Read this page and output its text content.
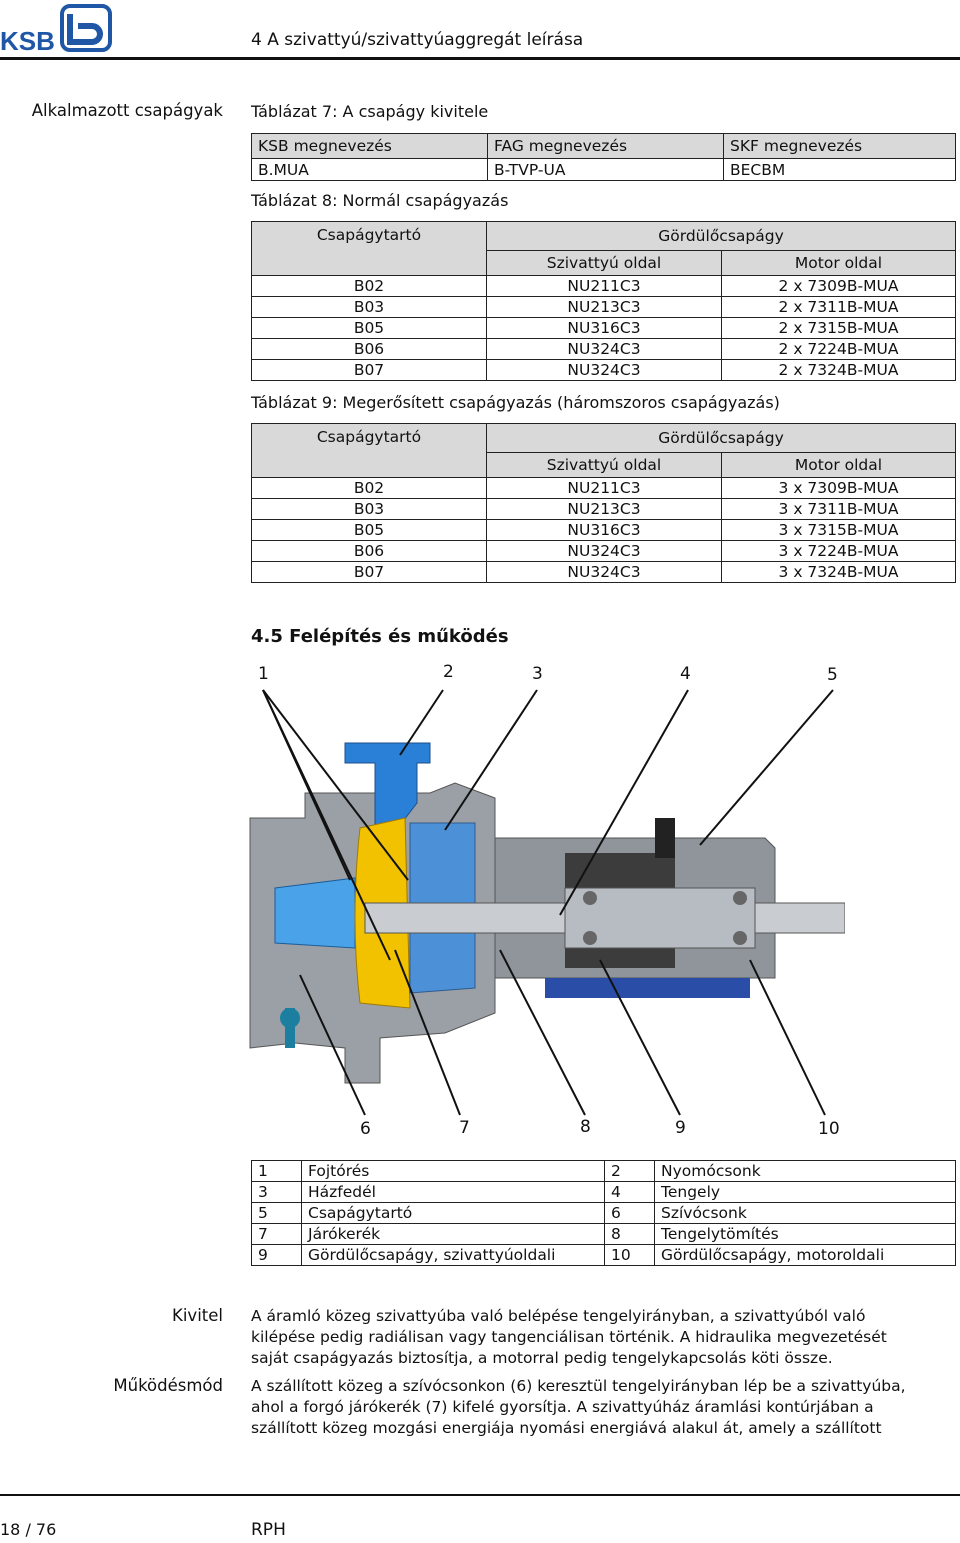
KSB	4 A szivattyú/szivattyúaggregát leírása
Alkalmazott csapágyak Táblázat 7: A csapágy kivitele
KSB megnevezés	FAG megnevezés	SKF megnevezés
B.MUA	B-TVP-UA	BECBM
Táblázat 8: Normál csapágyazás
Csapágytartó	Gördülőcsapágy	
	Szivattyú oldal	Motor oldal
B02	NU211C3	2 x 7309B-MUA
B03	NU213C3	2 x 7311B-MUA
B05	NU316C3	2 x 7315B-MUA
B06	NU324C3	2 x 7224B-MUA
B07	NU324C3	2 x 7324B-MUA
Táblázat 9: Megerősített csapágyazás (háromszoros csapágyazás)
Csapágytartó	Gördülőcsapágy	
	Szivattyú oldal	Motor oldal
B02	NU211C3	3 x 7309B-MUA
B03	NU213C3	3 x 7311B-MUA
B05	NU316C3	3 x 7315B-MUA
B06	NU324C3	3 x 7224B-MUA
B07	NU324C3	3 x 7324B-MUA
4.5 Felépítés és működés
1	2	3	4	5
6	7	8	9	10
1	Fojtórés	2	Nyomócsonk
3	Házfedél	4	Tengely
5	Csapágytartó	6	Szívócsonk
7	Járókerék	8	Tengelytömítés
9	Gördülőcsapágy, szivattyúoldali	10	Gördülőcsapágy, motoroldali
Kivitel A áramló közeg szivattyúba való belépése tengelyirányban, a szivattyúból való
kilépése pedig radiálisan vagy tangenciálisan történik. A hidraulika megvezetését
saját csapágyazás biztosítja, a motorral pedig tengelykapcsolás köti össze.
Működésmód A szállított közeg a szívócsonkon (6) keresztül tengelyirányban lép be a szivattyúba,
ahol a forgó járókerék (7) kifelé gyorsítja. A szivattyúház áramlási kontúrjában a
szállított közeg mozgási energiája nyomási energiává alakul át, amely a szállított
18 / 76	RPH
